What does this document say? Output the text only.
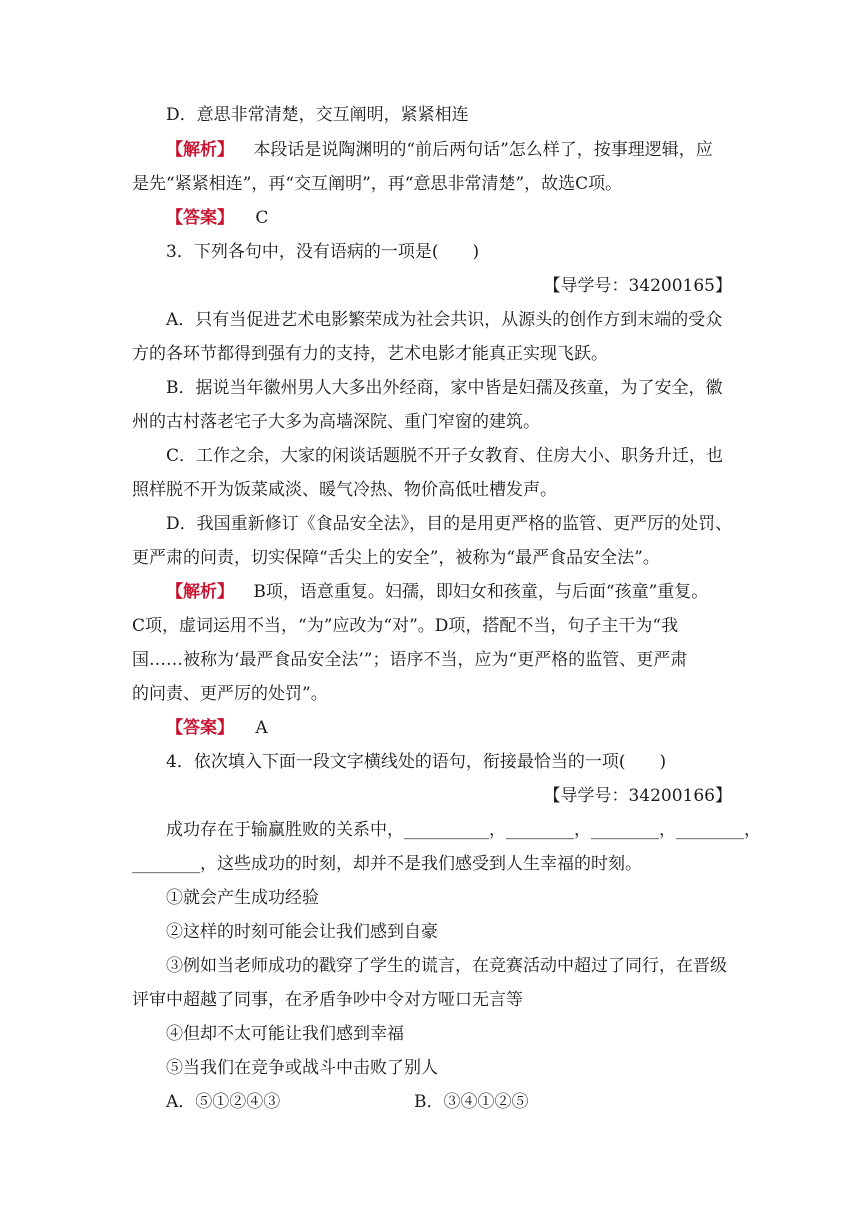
D．意思非常清楚，交互阐明，紧紧相连
【解析】 本段话是说陶渊明的“前后两句话”怎么样了，按事理逻辑，应
是先“紧紧相连”，再“交互阐明”，再“意思非常清楚”，故选C项。
【答案】 C
3．下列各句中，没有语病的一项是(　　)
【导学号：34200165】
A．只有当促进艺术电影繁荣成为社会共识，从源头的创作方到末端的受众
方的各环节都得到强有力的支持，艺术电影才能真正实现飞跃。
B．据说当年徽州男人大多出外经商，家中皆是妇孺及孩童，为了安全，徽
州的古村落老宅子大多为高墙深院、重门窄窗的建筑。
C．工作之余，大家的闲谈话题脱不开子女教育、住房大小、职务升迁，也
照样脱不开为饭菜咸淡、暖气冷热、物价高低吐槽发声。
D．我国重新修订《食品安全法》，目的是用更严格的监管、更严厉的处罚、
更严肃的问责，切实保障“舌尖上的安全”，被称为“最严食品安全法”。
【解析】 B项，语意重复。妇孺，即妇女和孩童，与后面“孩童”重复。
C项，虚词运用不当，“为”应改为“对”。D项，搭配不当，句子主干为“我
国……被称为‘最严食品安全法’”；语序不当，应为“更严格的监管、更严肃
的问责、更严厉的处罚”。
【答案】 A
4．依次填入下面一段文字横线处的语句，衔接最恰当的一项(　　)
【导学号：34200166】
成功存在于输赢胜败的关系中，__________，________，________，________，
________，这些成功的时刻，却并不是我们感受到人生幸福的时刻。
①就会产生成功经验
②这样的时刻可能会让我们感到自豪
③例如当老师成功的戳穿了学生的谎言，在竞赛活动中超过了同行，在晋级
评审中超越了同事，在矛盾争吵中令对方哑口无言等
④但却不太可能让我们感到幸福
⑤当我们在竞争或战斗中击败了别人
A．⑤①②④③	B．③④①②⑤
